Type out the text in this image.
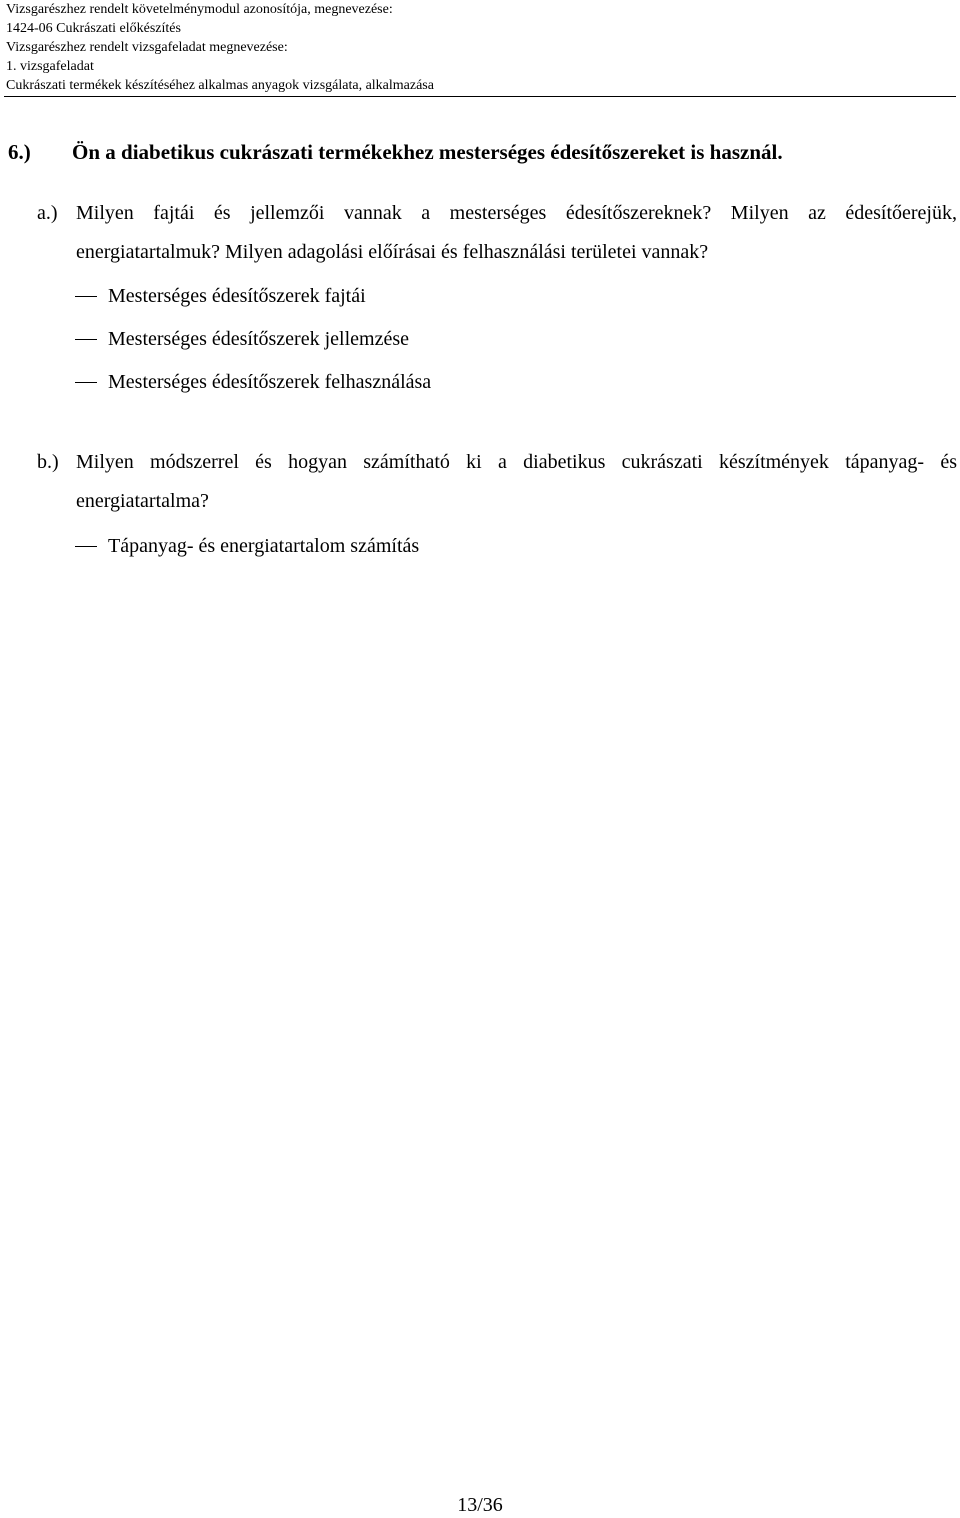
Vizsgarészhez rendelt követelménymodul azonosítója, megnevezése:
1424-06 Cukrászati előkészítés
Vizsgarészhez rendelt vizsgafeladat megnevezése:
1. vizsgafeladat
Cukrászati termékek készítéséhez alkalmas anyagok vizsgálata, alkalmazása
6.) Ön a diabetikus cukrászati termékekhez mesterséges édesítőszereket is használ.
a.) Milyen fajtái és jellemzői vannak a mesterséges édesítőszereknek? Milyen az édesítőerejük, energiatartalmuk? Milyen adagolási előírásai és felhasználási területei vannak?
Mesterséges édesítőszerek fajtái
Mesterséges édesítőszerek jellemzése
Mesterséges édesítőszerek felhasználása
b.) Milyen módszerrel és hogyan számítható ki a diabetikus cukrászati készítmények tápanyag- és energiatartalma?
Tápanyag- és energiatartalom számítás
13/36
